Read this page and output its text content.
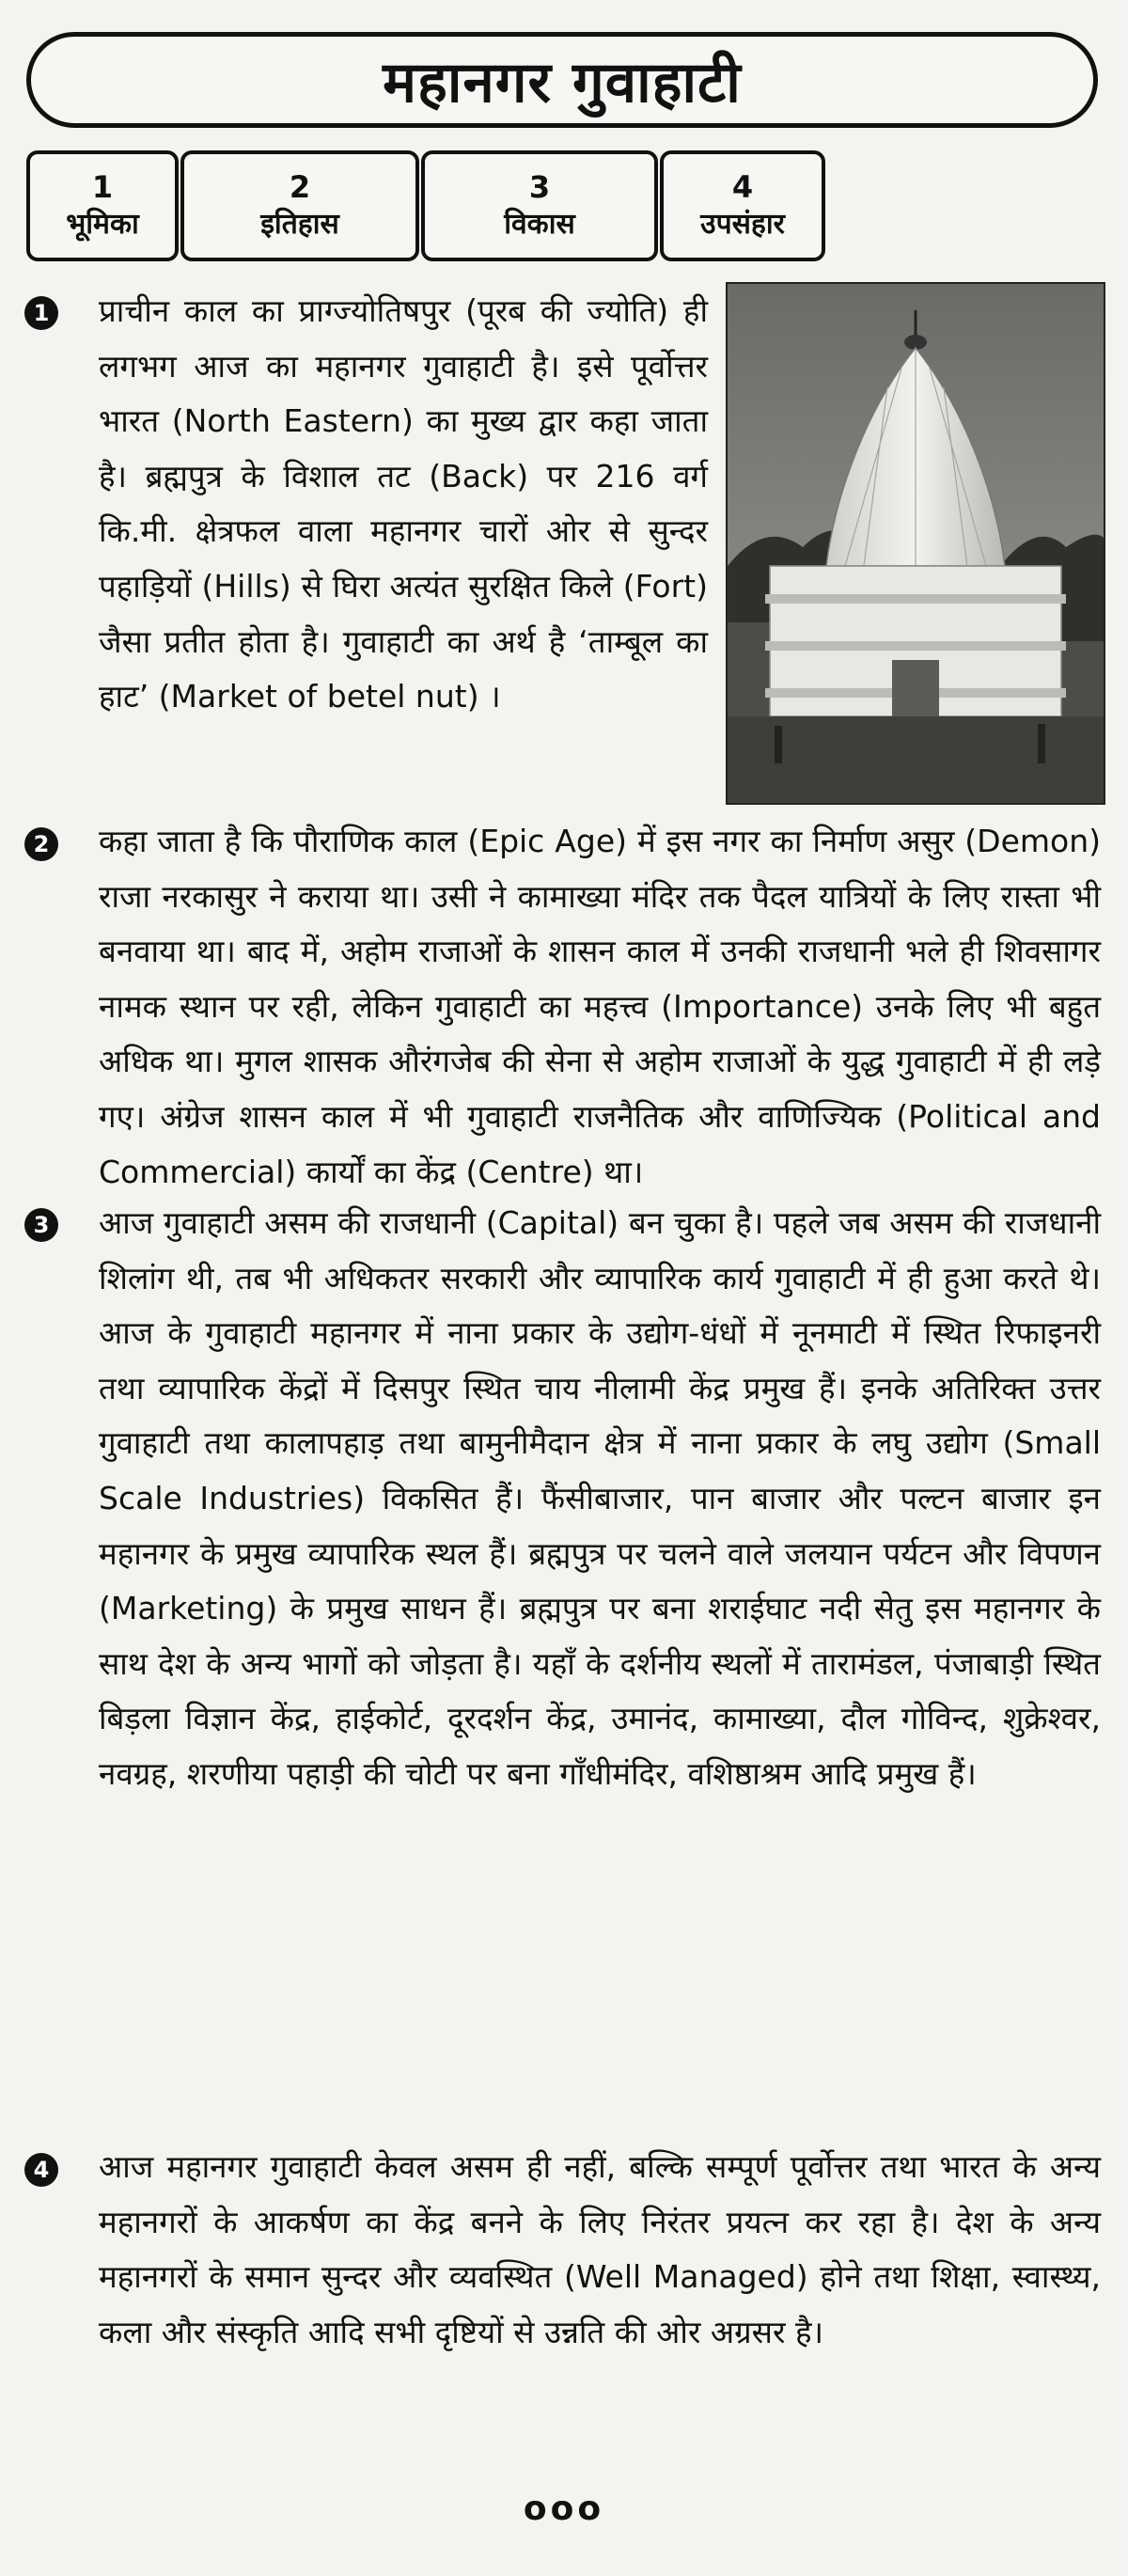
महानगर गुवाहाटी
1
भूमिका
2
इतिहास
3
विकास
4
उपसंहार
1 प्राचीन काल का प्राग्ज्योतिषपुर (पूरब की ज्योति) ही लगभग आज का महानगर गुवाहाटी है। इसे पूर्वोत्तर भारत (North Eastern) का मुख्य द्वार कहा जाता है। ब्रह्मपुत्र के विशाल तट (Back) पर 216 वर्ग कि.मी. क्षेत्रफल वाला महानगर चारों ओर से सुन्दर पहाड़ियों (Hills) से घिरा अत्यंत सुरक्षित किले (Fort) जैसा प्रतीत होता है। गुवाहाटी का अर्थ है ‘ताम्बूल का हाट’ (Market of betel nut) ।

2 कहा जाता है कि पौराणिक काल (Epic Age) में इस नगर का निर्माण असुर (Demon) राजा नरकासुर ने कराया था। उसी ने कामाख्या मंदिर तक पैदल यात्रियों के लिए रास्ता भी बनवाया था। बाद में, अहोम राजाओं के शासन काल में उनकी राजधानी भले ही शिवसागर नामक स्थान पर रही, लेकिन गुवाहाटी का महत्त्व (Importance) उनके लिए भी बहुत अधिक था। मुगल शासक औरंगजेब की सेना से अहोम राजाओं के युद्ध गुवाहाटी में ही लड़े गए। अंग्रेज शासन काल में भी गुवाहाटी राजनैतिक और वाणिज्यिक (Political and Commercial) कार्यों का केंद्र (Centre) था।

3 आज गुवाहाटी असम की राजधानी (Capital) बन चुका है। पहले जब असम की राजधानी शिलांग थी, तब भी अधिकतर सरकारी और व्यापारिक कार्य गुवाहाटी में ही हुआ करते थे। आज के गुवाहाटी महानगर में नाना प्रकार के उद्योग-धंधों में नूनमाटी में स्थित रिफाइनरी तथा व्यापारिक केंद्रों में दिसपुर स्थित चाय नीलामी केंद्र प्रमुख हैं। इनके अतिरिक्त उत्तर गुवाहाटी तथा कालापहाड़ तथा बामुनीमैदान क्षेत्र में नाना प्रकार के लघु उद्योग (Small Scale Industries) विकसित हैं। फैंसीबाजार, पान बाजार और पल्टन बाजार इन महानगर के प्रमुख व्यापारिक स्थल हैं। ब्रह्मपुत्र पर चलने वाले जलयान पर्यटन और विपणन (Marketing) के प्रमुख साधन हैं। ब्रह्मपुत्र पर बना शराईघाट नदी सेतु इस महानगर के साथ देश के अन्य भागों को जोड़ता है। यहाँ के दर्शनीय स्थलों में तारामंडल, पंजाबाड़ी स्थित बिड़ला विज्ञान केंद्र, हाईकोर्ट, दूरदर्शन केंद्र, उमानंद, कामाख्या, दौल गोविन्द, शुक्रेश्वर, नवग्रह, शरणीया पहाड़ी की चोटी पर बना गाँधीमंदिर, वशिष्ठाश्रम आदि प्रमुख हैं।

4 आज महानगर गुवाहाटी केवल असम ही नहीं, बल्कि सम्पूर्ण पूर्वोत्तर तथा भारत के अन्य महानगरों के आकर्षण का केंद्र बनने के लिए निरंतर प्रयत्न कर रहा है। देश के अन्य महानगरों के समान सुन्दर और व्यवस्थित (Well Managed) होने तथा शिक्षा, स्वास्थ्य, कला और संस्कृति आदि सभी दृष्टियों से उन्नति की ओर अग्रसर है।

ooo
